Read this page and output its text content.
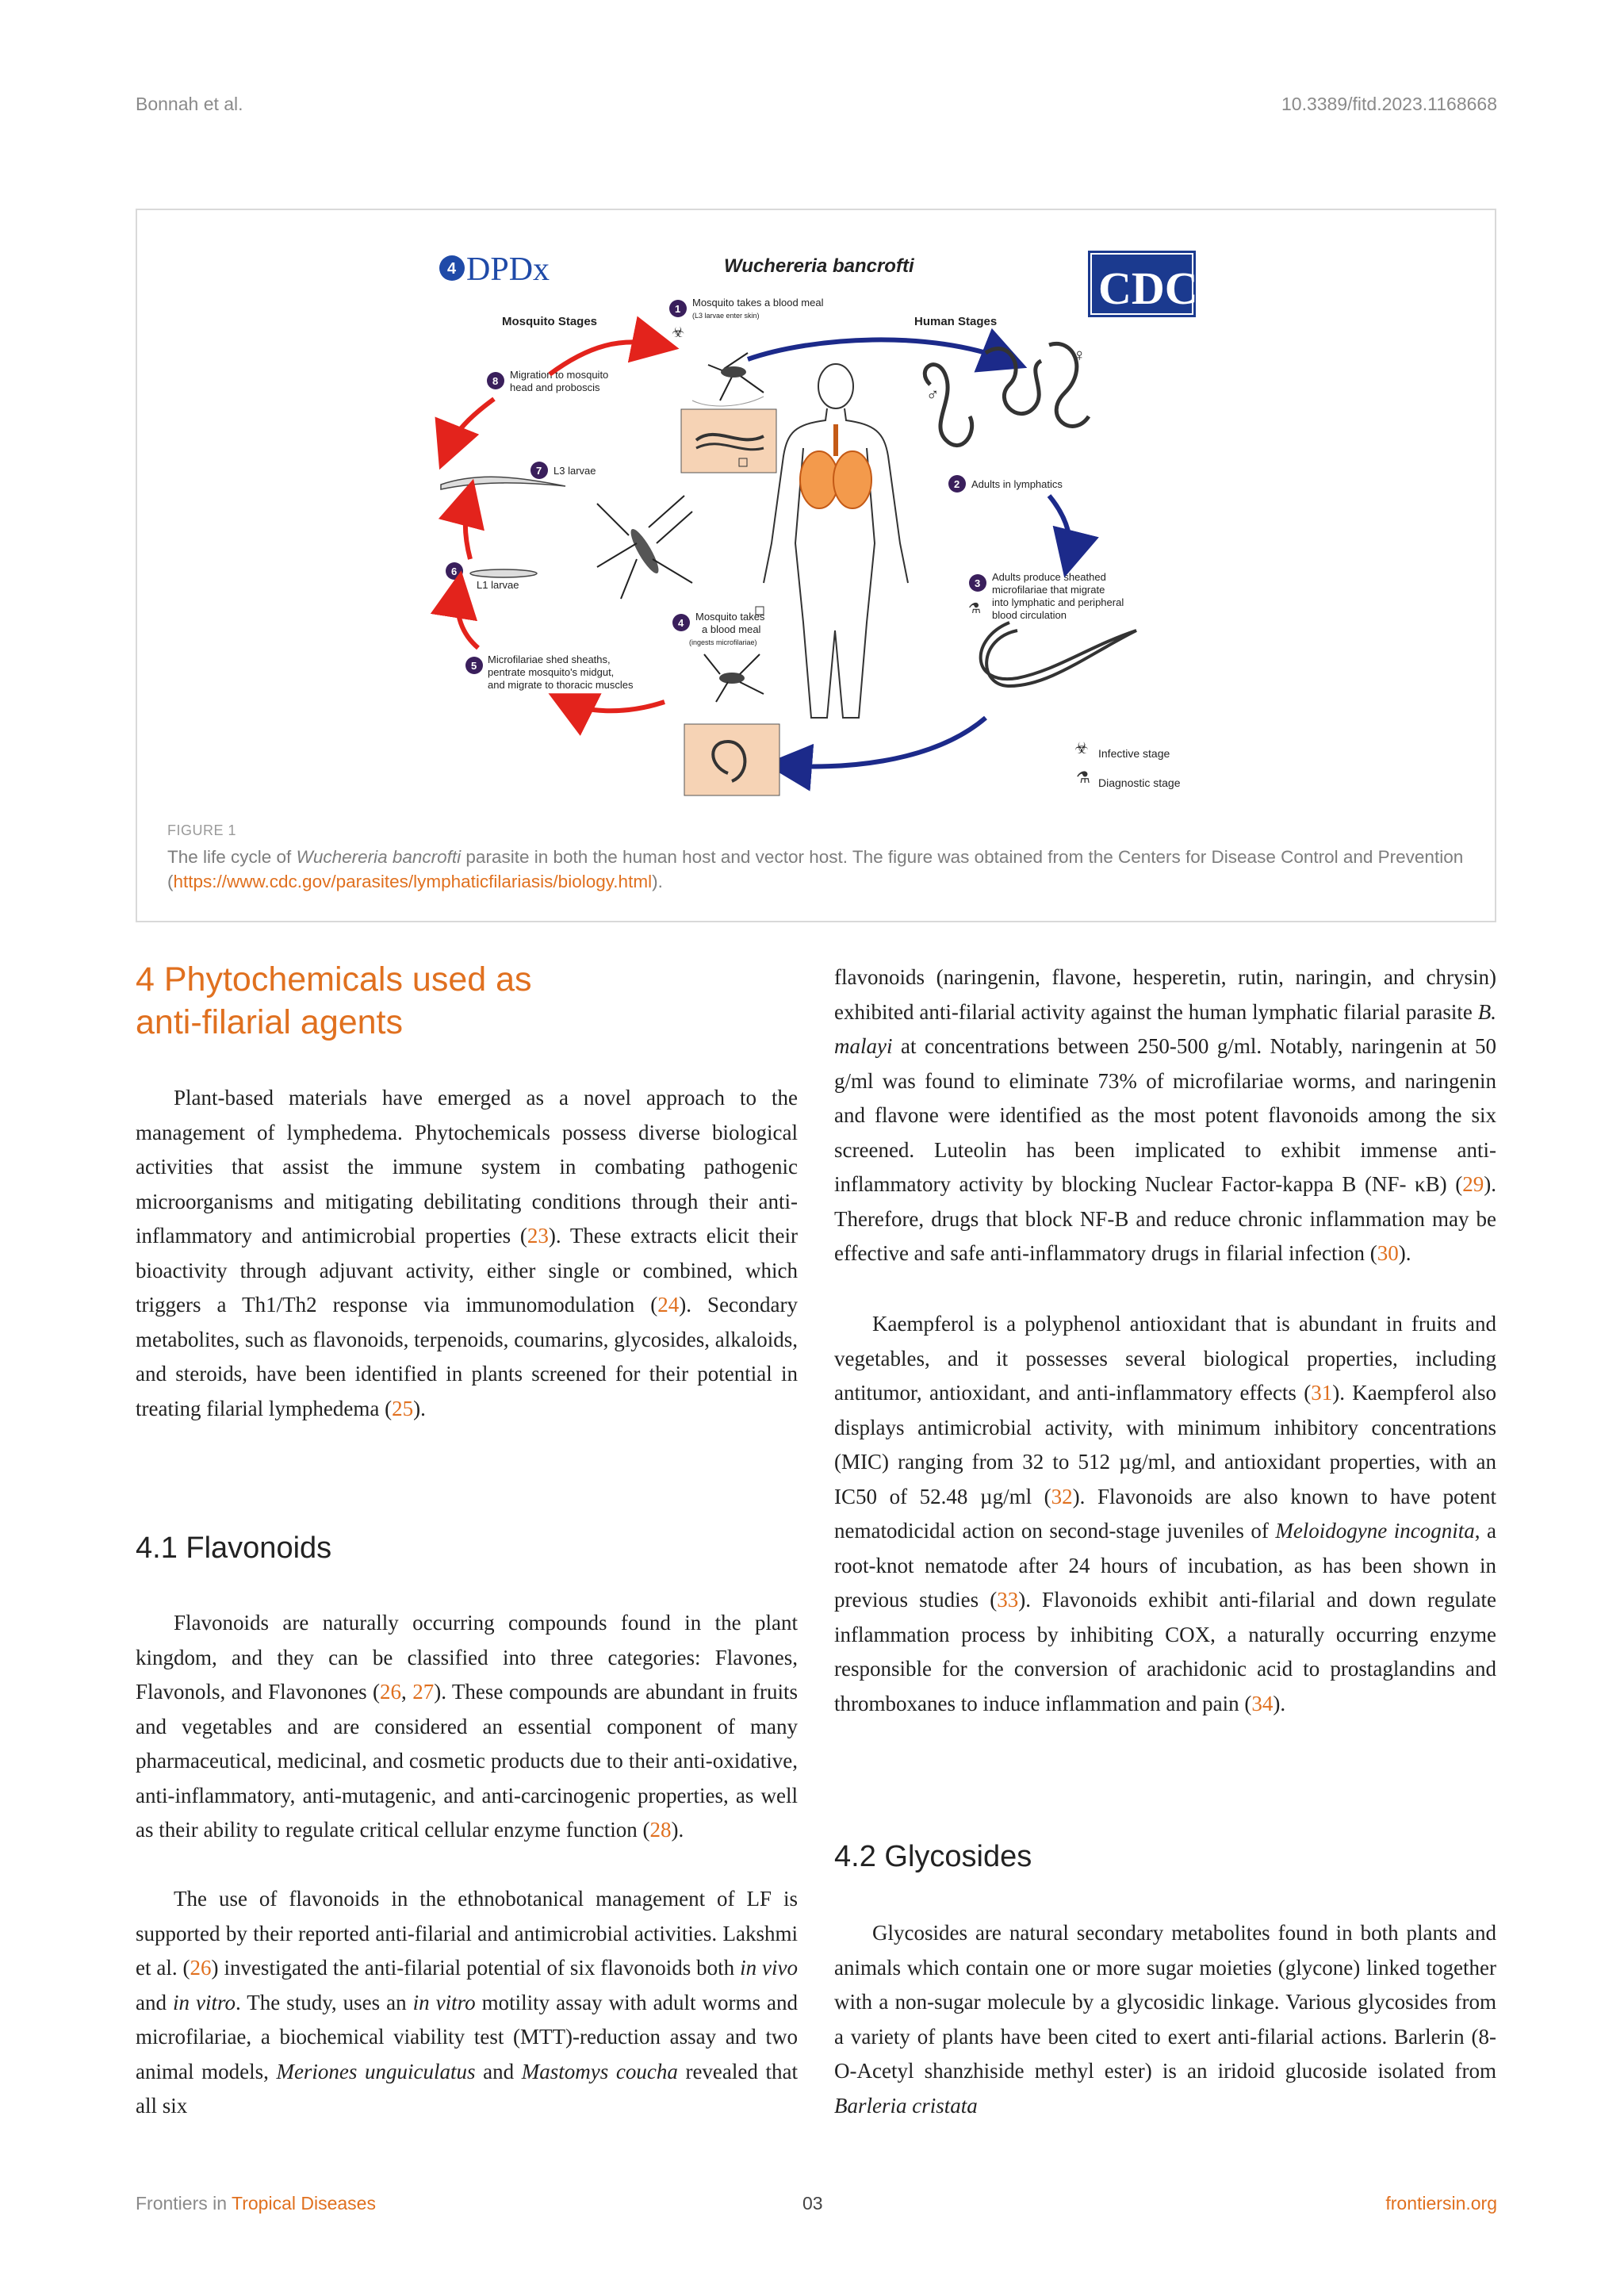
Bonnah et al.	10.3389/fitd.2023.1168668
4 DPDx	Wuchereria bancrofti	CDC
Mosquito Stages	Human Stages
1
Mosquito takes a blood meal
(L3 larvae enter skin)
☣
8
Migration to mosquito
head and proboscis
7 L3 larvae
6
L1 larvae
5
Microfilariae shed sheaths,
pentrate mosquito's midgut,
and migrate to thoracic muscles
4
Mosquito takes
a blood meal
(ingests microfilariae)
2 Adults in lymphatics
3
Adults produce sheathed
microfilariae that migrate
into lymphatic and peripheral
blood circulation
⚗
♂
♀
☣ Infective stage
⚗ Diagnostic stage
FIGURE 1
The life cycle of Wuchereria bancrofti parasite in both the human host and vector host. The figure was obtained from the Centers for Disease Control and Prevention (https://www.cdc.gov/parasites/lymphaticfilariasis/biology.html).
4 Phytochemicals used as
anti-filarial agents

Plant-based materials have emerged as a novel approach to the management of lymphedema. Phytochemicals possess diverse biological activities that assist the immune system in combating pathogenic microorganisms and mitigating debilitating conditions through their anti-inflammatory and antimicrobial properties (23). These extracts elicit their bioactivity through adjuvant activity, either single or combined, which triggers a Th1/Th2 response via immunomodulation (24). Secondary metabolites, such as flavonoids, terpenoids, coumarins, glycosides, alkaloids, and steroids, have been identified in plants screened for their potential in treating filarial lymphedema (25).

4.1 Flavonoids

Flavonoids are naturally occurring compounds found in the plant kingdom, and they can be classified into three categories: Flavones, Flavonols, and Flavonones (26, 27). These compounds are abundant in fruits and vegetables and are considered an essential component of many pharmaceutical, medicinal, and cosmetic products due to their anti-oxidative, anti-inflammatory, anti-mutagenic, and anti-carcinogenic properties, as well as their ability to regulate critical cellular enzyme function (28).

The use of flavonoids in the ethnobotanical management of LF is supported by their reported anti-filarial and antimicrobial activities. Lakshmi et al. (26) investigated the anti-filarial potential of six flavonoids both in vivo and in vitro. The study, uses an in vitro motility assay with adult worms and microfilariae, a biochemical viability test (MTT)-reduction assay and two animal models, Meriones unguiculatus and Mastomys coucha revealed that all six

flavonoids (naringenin, flavone, hesperetin, rutin, naringin, and chrysin) exhibited anti-filarial activity against the human lymphatic filarial parasite B. malayi at concentrations between 250-500 g/ml. Notably, naringenin at 50 g/ml was found to eliminate 73% of microfilariae worms, and naringenin and flavone were identified as the most potent flavonoids among the six screened. Luteolin has been implicated to exhibit immense anti-inflammatory activity by blocking Nuclear Factor-kappa B (NF- κB) (29). Therefore, drugs that block NF-B and reduce chronic inflammation may be effective and safe anti-inflammatory drugs in filarial infection (30).

Kaempferol is a polyphenol antioxidant that is abundant in fruits and vegetables, and it possesses several biological properties, including antitumor, antioxidant, and anti-inflammatory effects (31). Kaempferol also displays antimicrobial activity, with minimum inhibitory concentrations (MIC) ranging from 32 to 512 µg/ml, and antioxidant properties, with an IC50 of 52.48 µg/ml (32). Flavonoids are also known to have potent nematodicidal action on second-stage juveniles of Meloidogyne incognita, a root-knot nematode after 24 hours of incubation, as has been shown in previous studies (33). Flavonoids exhibit anti-filarial and down regulate inflammation process by inhibiting COX, a naturally occurring enzyme responsible for the conversion of arachidonic acid to prostaglandins and thromboxanes to induce inflammation and pain (34).

4.2 Glycosides

Glycosides are natural secondary metabolites found in both plants and animals which contain one or more sugar moieties (glycone) linked together with a non-sugar molecule by a glycosidic linkage. Various glycosides from a variety of plants have been cited to exert anti-filarial actions. Barlerin (8-O-Acetyl shanzhiside methyl ester) is an iridoid glucoside isolated from Barleria cristata

Frontiers in Tropical Diseases	03	frontiersin.org
